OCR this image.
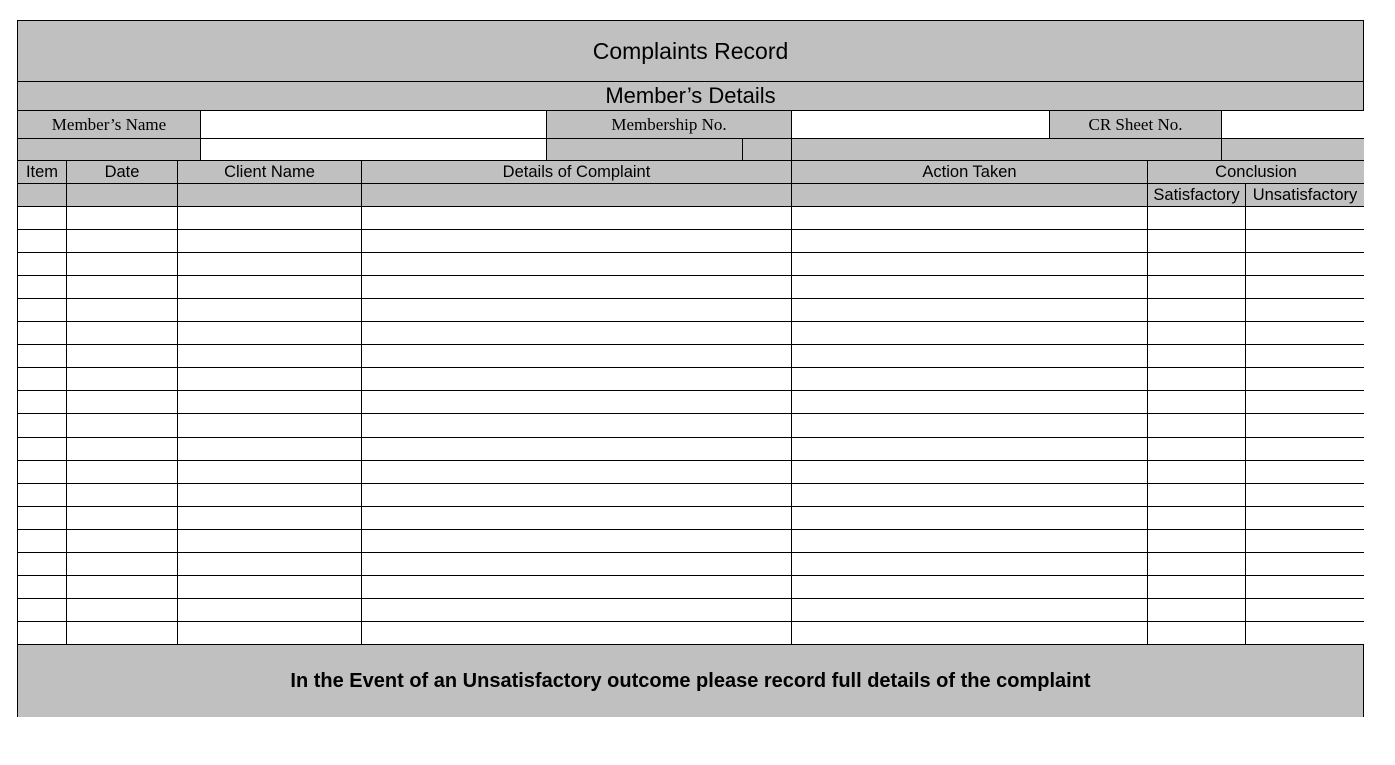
Complaints Record
Member’s Details
Member’s Name	Membership No.	CR Sheet No.
Item	Date	Client Name	Details of Complaint	Action Taken	Conclusion
Satisfactory Unsatisfactory
In the Event of an Unsatisfactory outcome please record full details of the complaint
